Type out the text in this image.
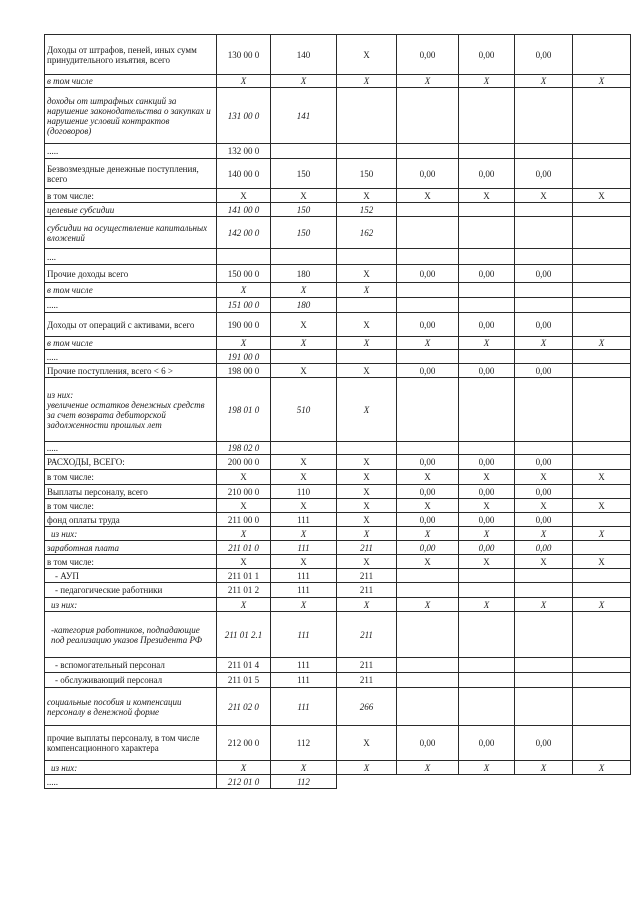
Доходы от штрафов, пеней, иных сумм принудительного изъятия, всего	130 00 0	140	X	0,00	0,00	0,00	
в том числе	X	X	X	X	X	X	X
доходы от штрафных санкций за нарушение законодательства о закупках и нарушение условий контрактов (договоров)	131 00 0	141					
.....	132 00 0						
Безвозмездные денежные поступления, всего	140 00 0	150	150	0,00	0,00	0,00	
в том числе:	X	X	X	X	X	X	X
целевые субсидии	141 00 0	150	152				
субсидии на осуществление капитальных вложений	142 00 0	150	162				
....							
Прочие доходы всего	150 00 0	180	X	0,00	0,00	0,00	
в том числе	X	X	X				
.....	151 00 0	180					
Доходы от операций с активами, всего	190 00 0	X	X	0,00	0,00	0,00	
в том числе	X	X	X	X	X	X	X
.....	191 00 0						
Прочие поступления, всего < 6 >	198 00 0	X	X	0,00	0,00	0,00	
из них:
увеличение остатков денежных средств за счет возврата дебиторской задолженности прошлых лет	198 01 0	510	X				
.....	198 02 0						
РАСХОДЫ, ВСЕГО:	200 00 0	X	X	0,00	0,00	0,00	
в том числе:	X	X	X	X	X	X	X
Выплаты персоналу, всего	210 00 0	110	X	0,00	0,00	0,00	
в том числе:	X	X	X	X	X	X	X
фонд оплаты труда	211 00 0	111	X	0,00	0,00	0,00	
из них:	X	X	X	X	X	X	X
заработная плата	211 01 0	111	211	0,00	0,00	0,00	
в том числе:	X	X	X	X	X	X	X
- АУП	211 01 1	111	211				
- педагогические работники	211 01 2	111	211				
из них:	X	X	X	X	X	X	X
-категория работников, подпадающие под реализацию указов Президента РФ	211 01 2.1	111	211				
- вспомогательный персонал	211 01 4	111	211				
- обслуживающий персонал	211 01 5	111	211				
социальные пособия и компенсации персоналу в денежной форме	211 02 0	111	266				
прочие выплаты персоналу, в том числе компенсационного характера	212 00 0	112	X	0,00	0,00	0,00	
из них:	X	X	X	X	X	X	X
.....	212 01 0	112					
